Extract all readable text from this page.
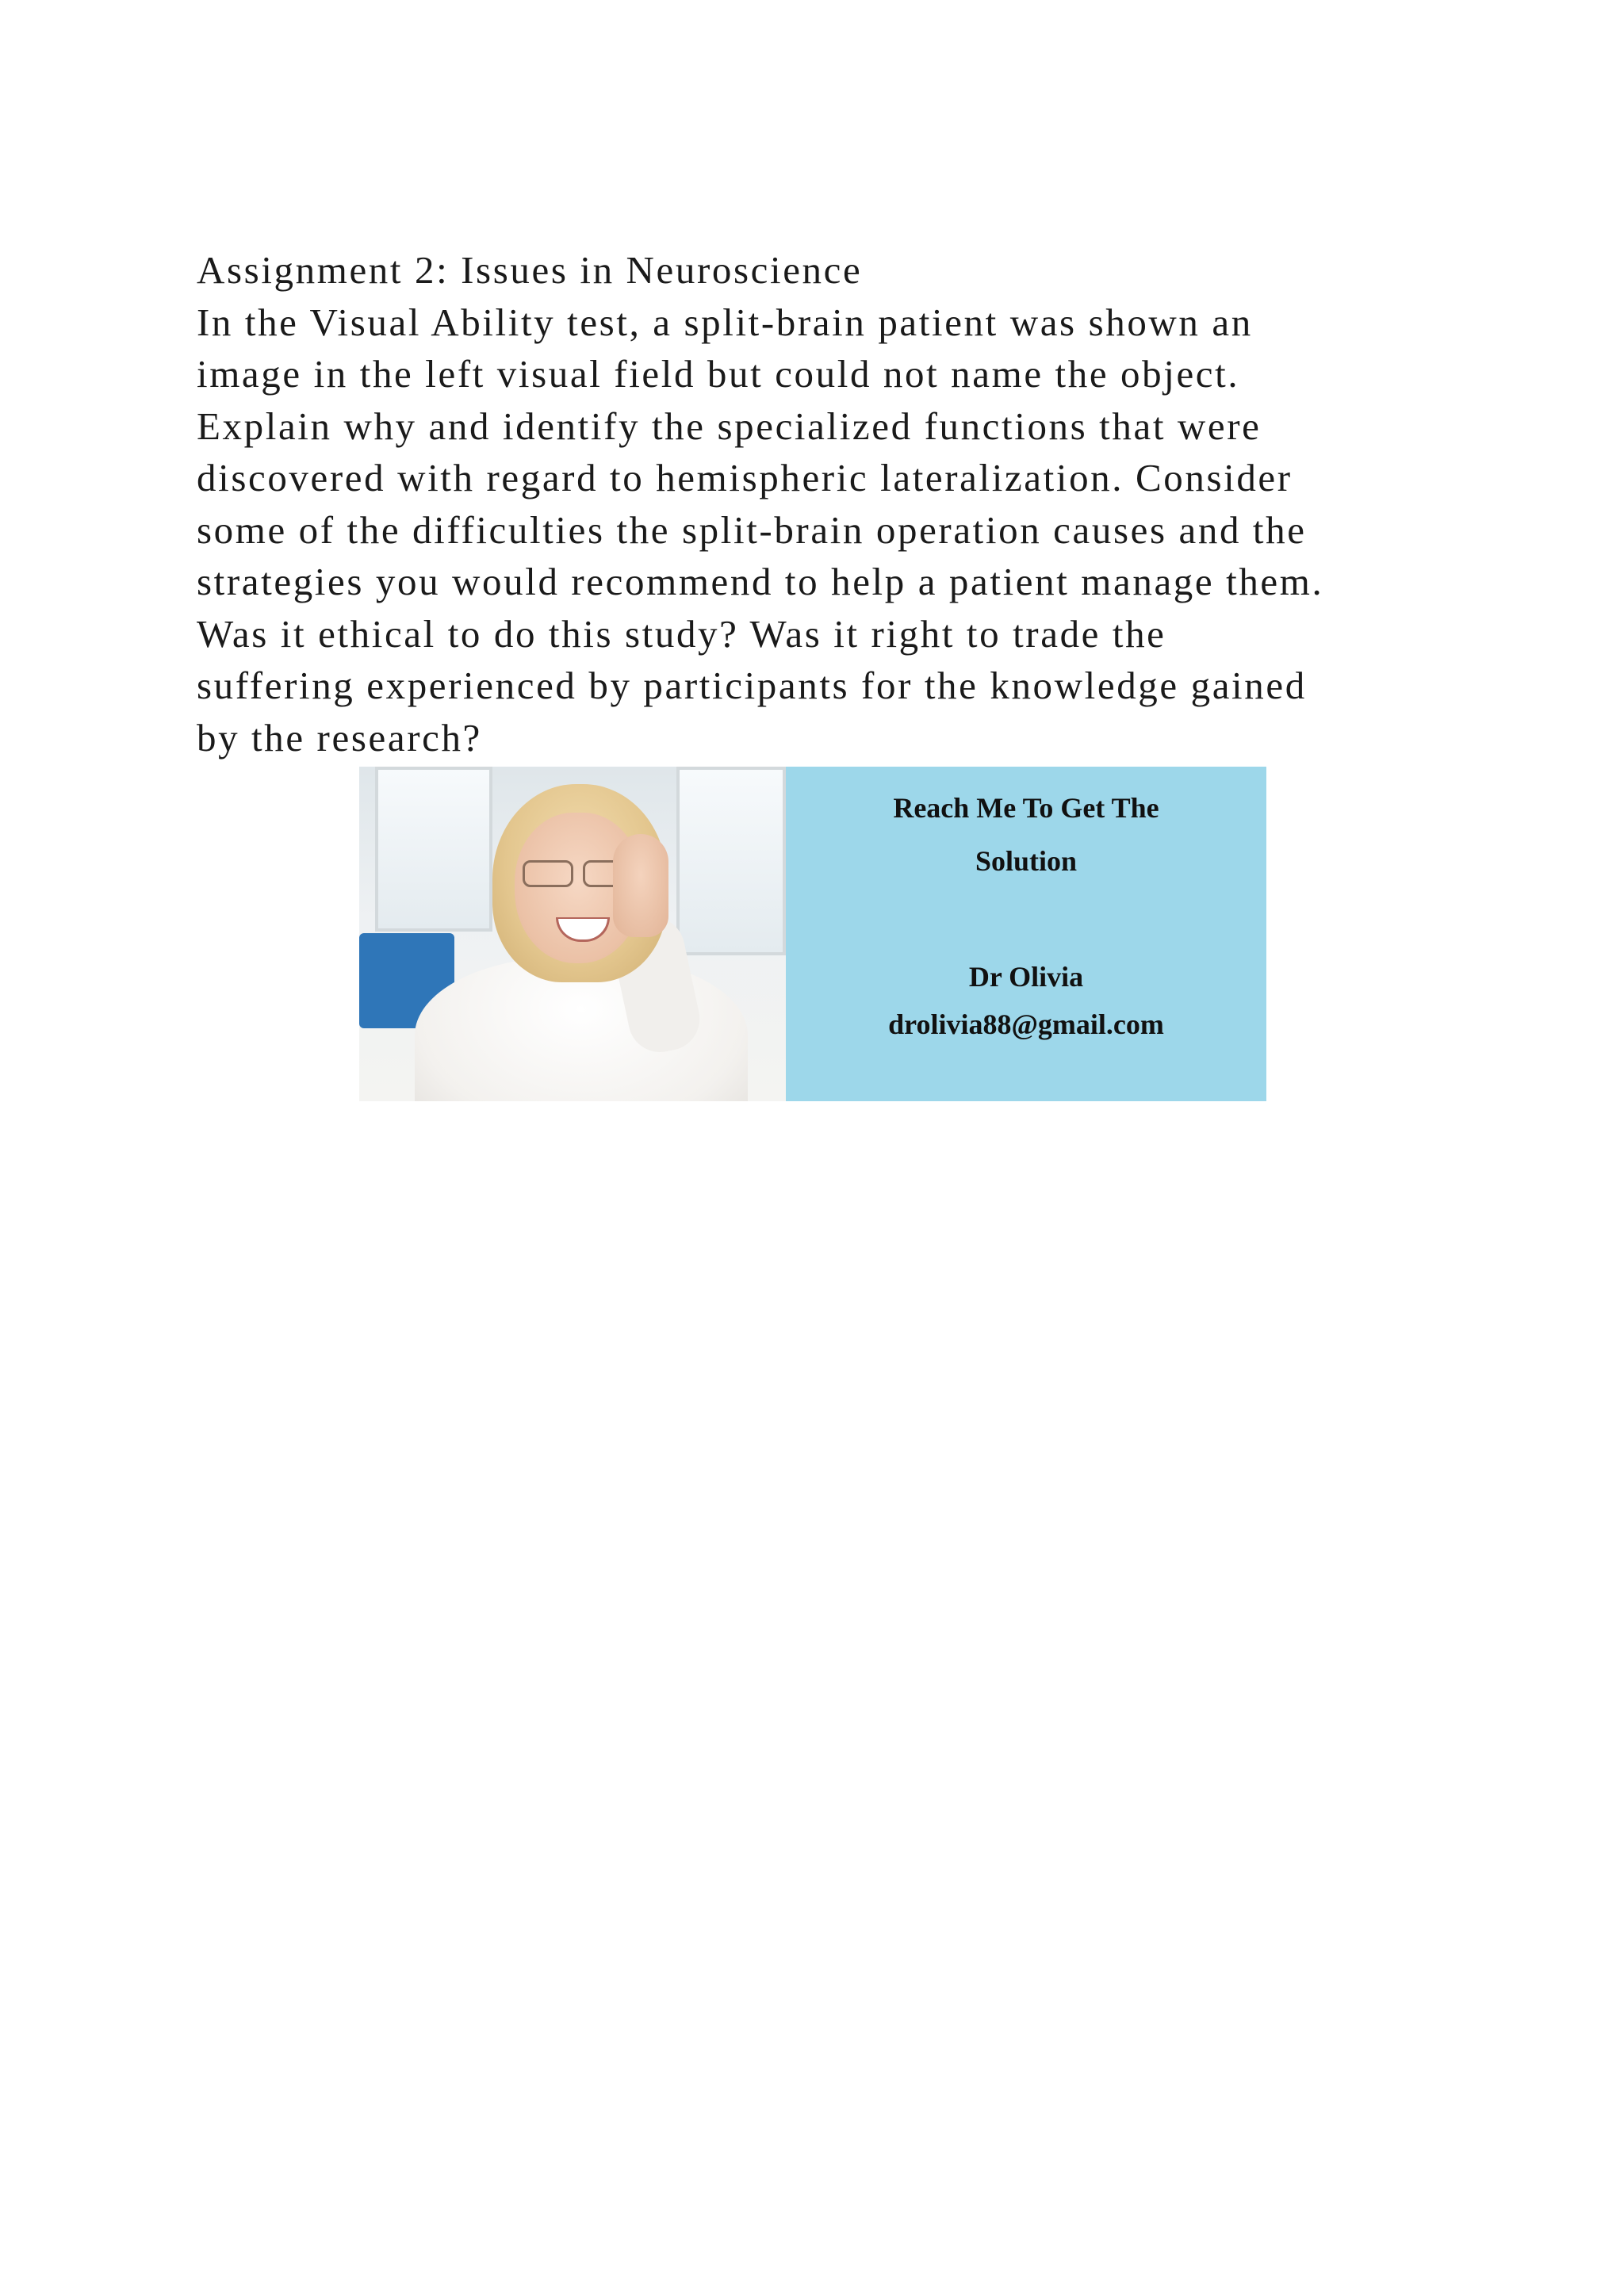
Assignment 2: Issues in Neuroscience
In the Visual Ability test, a split-brain patient was shown an
image in the left visual field but could not name the object.
Explain why and identify the specialized functions that were
discovered with regard to hemispheric lateralization. Consider
some of the difficulties the split-brain operation causes and the
strategies you would recommend to help a patient manage them.
Was it ethical to do this study? Was it right to trade the
suffering experienced by participants for the knowledge gained
by the research?
Reach Me To Get The
Solution
Dr Olivia
drolivia88@gmail.com
